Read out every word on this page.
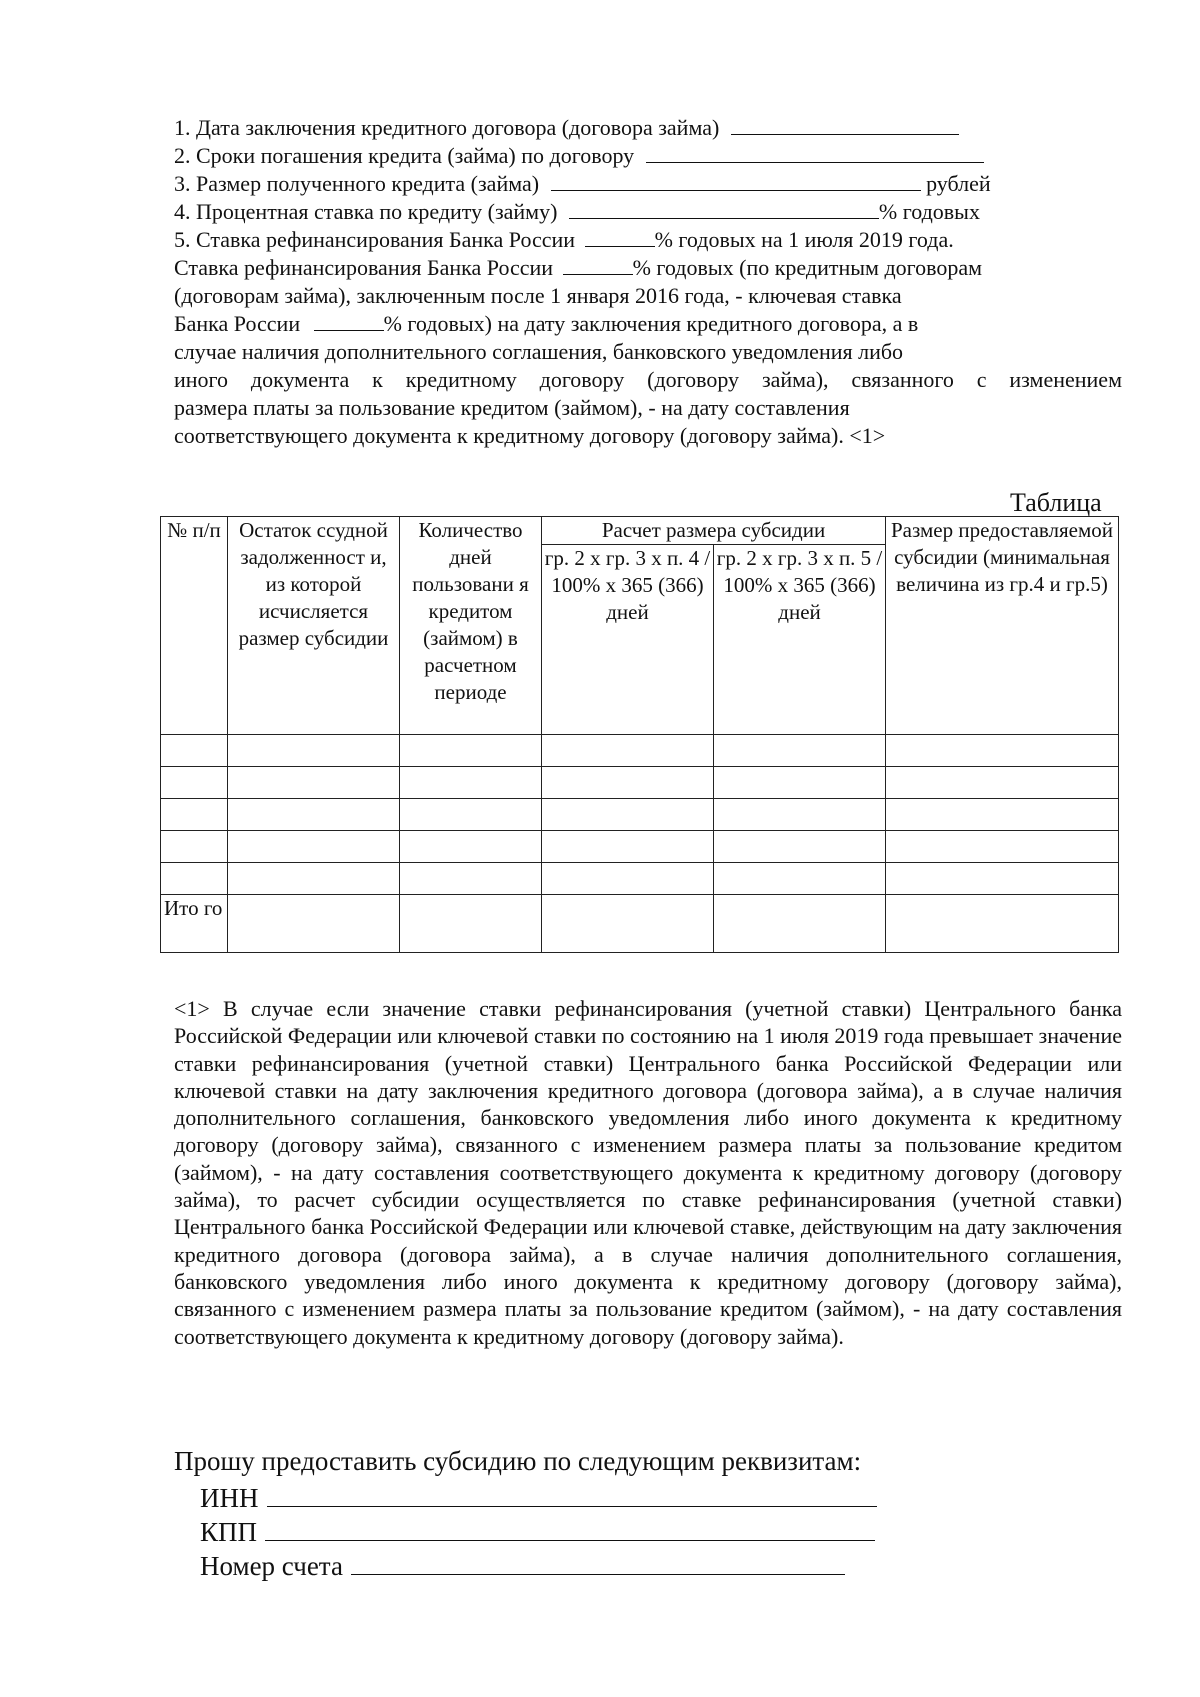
1. Дата заключения кредитного договора (договора займа)
2. Сроки погашения кредита (займа) по договору
3. Размер полученного кредита (займа)	рублей
4. Процентная ставка по кредиту (займу)	% годовых
5. Ставка рефинансирования Банка России	% годовых на 1 июля 2019 года.
Ставка рефинансирования Банка России	% годовых (по кредитным договорам
(договорам займа), заключенным после 1 января 2016 года, - ключевая ставка
Банка России	% годовых) на дату заключения кредитного договора, а в
случае наличия дополнительного соглашения, банковского уведомления либо
иного документа к кредитному договору (договору займа), связанного с изменением
размера платы за пользование кредитом (займом), - на дату составления
соответствующего документа к кредитному договору (договору займа). <1>
Таблица
№ п/п	Остаток ссудной задолженност и, из которой исчисляется размер субсидии	Количество дней пользовани я кредитом (займом) в расчетном периоде	Расчет размера субсидии		Размер предоставляемой субсидии (минимальная величина из гр.4 и гр.5)
			гр. 2 х гр. 3 х п. 4 / 100% х 365 (366) дней	гр. 2 х гр. 3 х п. 5 / 100% х 365 (366) дней	

Ито го					

<1> В случае если значение ставки рефинансирования (учетной ставки) Центрального банка Российской Федерации или ключевой ставки по состоянию на 1 июля 2019 года превышает значение ставки рефинансирования (учетной ставки) Центрального банка Российской Федерации или ключевой ставки на дату заключения кредитного договора (договора займа), а в случае наличия дополнительного соглашения, банковского уведомления либо иного документа к кредитному договору (договору займа), связанного с изменением размера платы за пользование кредитом (займом), - на дату составления соответствующего документа к кредитному договору (договору займа), то расчет субсидии осуществляется по ставке рефинансирования (учетной ставки) Центрального банка Российской Федерации или ключевой ставке, действующим на дату заключения кредитного договора (договора займа), а в случае наличия дополнительного соглашения, банковского уведомления либо иного документа к кредитному договору (договору займа), связанного с изменением размера платы за пользование кредитом (займом), - на дату составления соответствующего документа к кредитному договору (договору займа).

Прошу предоставить субсидию по следующим реквизитам:
ИНН
КПП
Номер счета
